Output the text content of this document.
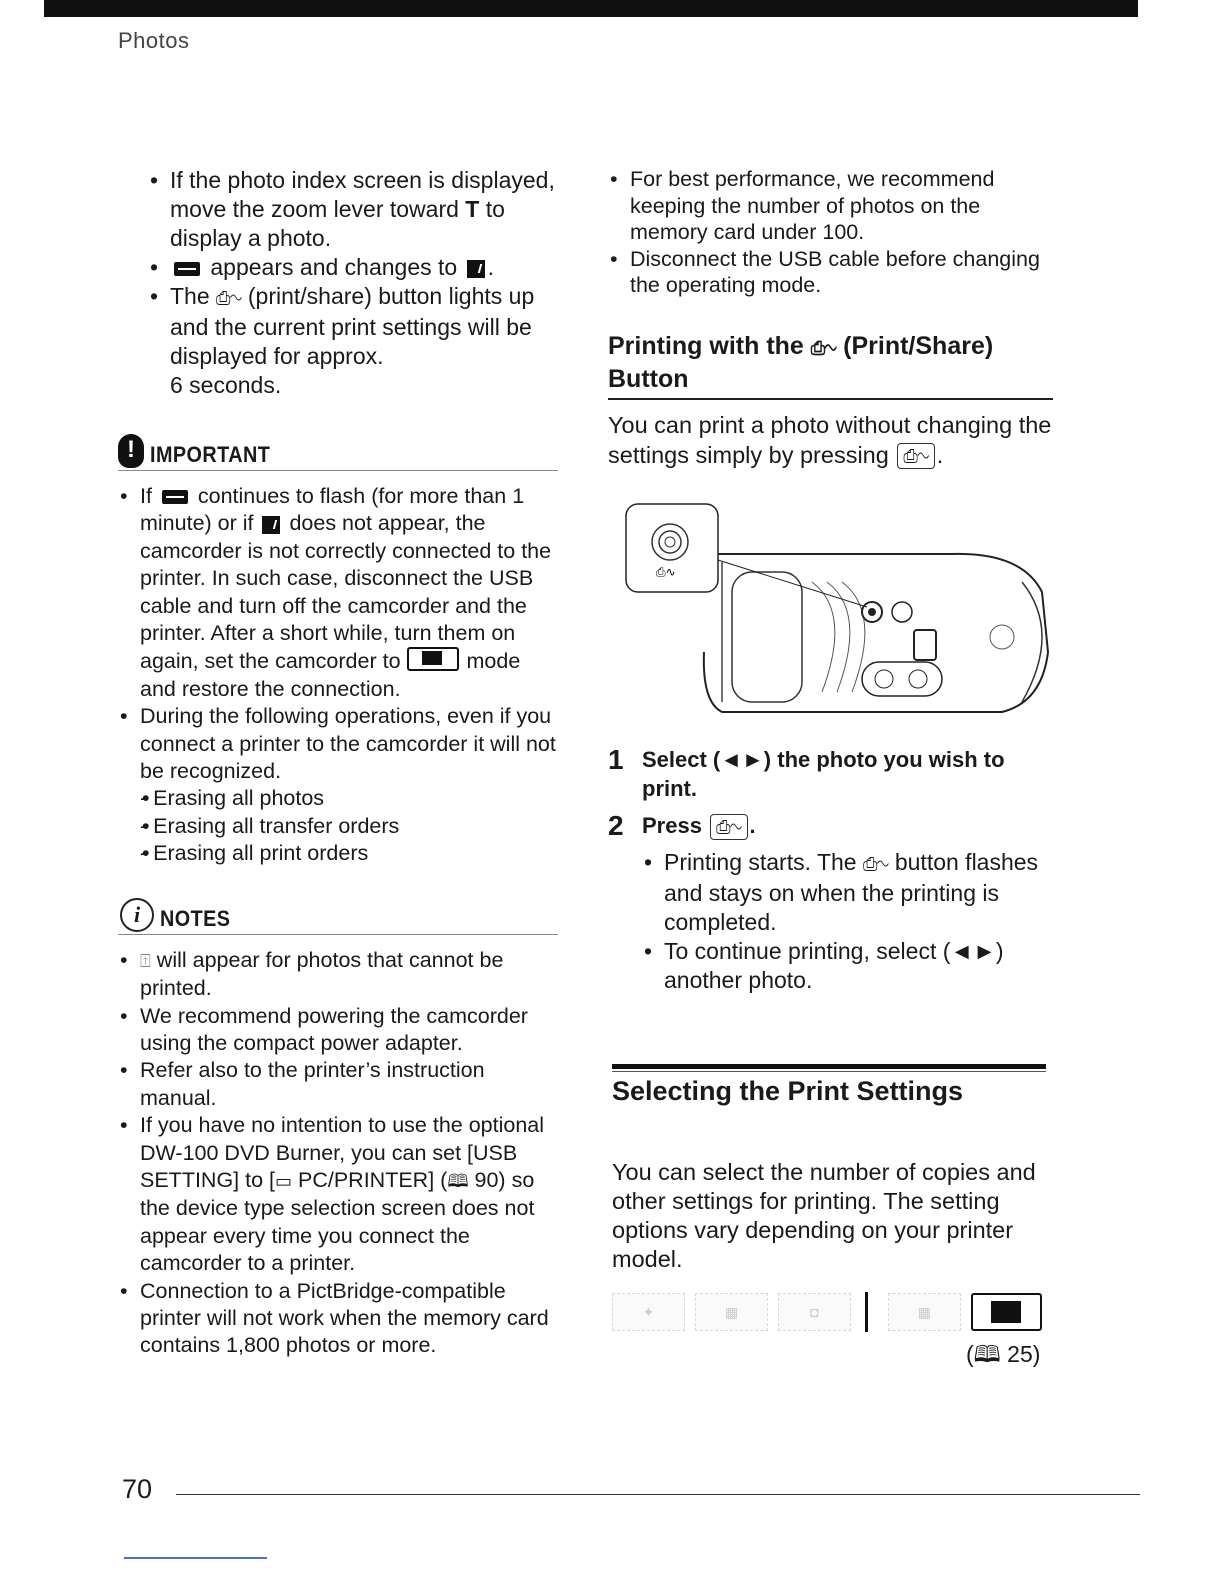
Photos
• If the photo index screen is displayed, move the zoom lever toward T to display a photo.
• appears and changes to .
• The ⎙∿ (print/share) button lights up and the current print settings will be displayed for approx.
6 seconds.
! IMPORTANT
• If  continues to flash (for more than 1 minute) or if  does not appear, the camcorder is not correctly connected to the printer. In such case, disconnect the USB cable and turn off the camcorder and the printer. After a short while, turn them on again, set the camcorder to	mode and restore the connection.
• During the following operations, even if you connect a printer to the camcorder it will not be recognized.
• - Erasing all photos
• - Erasing all transfer orders
• - Erasing all print orders
i NOTES
• ⍐ will appear for photos that cannot be printed.
• We recommend powering the camcorder using the compact power adapter.
• Refer also to the printer’s instruction manual.
• If you have no intention to use the optional DW-100 DVD Burner, you can set [USB SETTING] to [▭ PC/PRINTER] (🕮 90) so the device type selection screen does not appear every time you connect the camcorder to a printer.
• Connection to a PictBridge-compatible printer will not work when the memory card contains 1,800 photos or more.
• For best performance, we recommend keeping the number of photos on the memory card under 100.
• Disconnect the USB cable before changing the operating mode.
Printing with the ⎙∿ (Print/Share) Button
You can print a photo without changing the settings simply by pressing ⎙∿ .
⎙∿
1 Select (◄►) the photo you wish to print.
2 Press ⎙∿ .
• Printing starts. The ⎙∿ button flashes and stays on when the printing is completed.
• To continue printing, select (◄►) another photo.
Selecting the Print Settings
You can select the number of copies and other settings for printing. The setting options vary depending on your printer model.
✦	▦	◘	▦
(🕮 25)
70
